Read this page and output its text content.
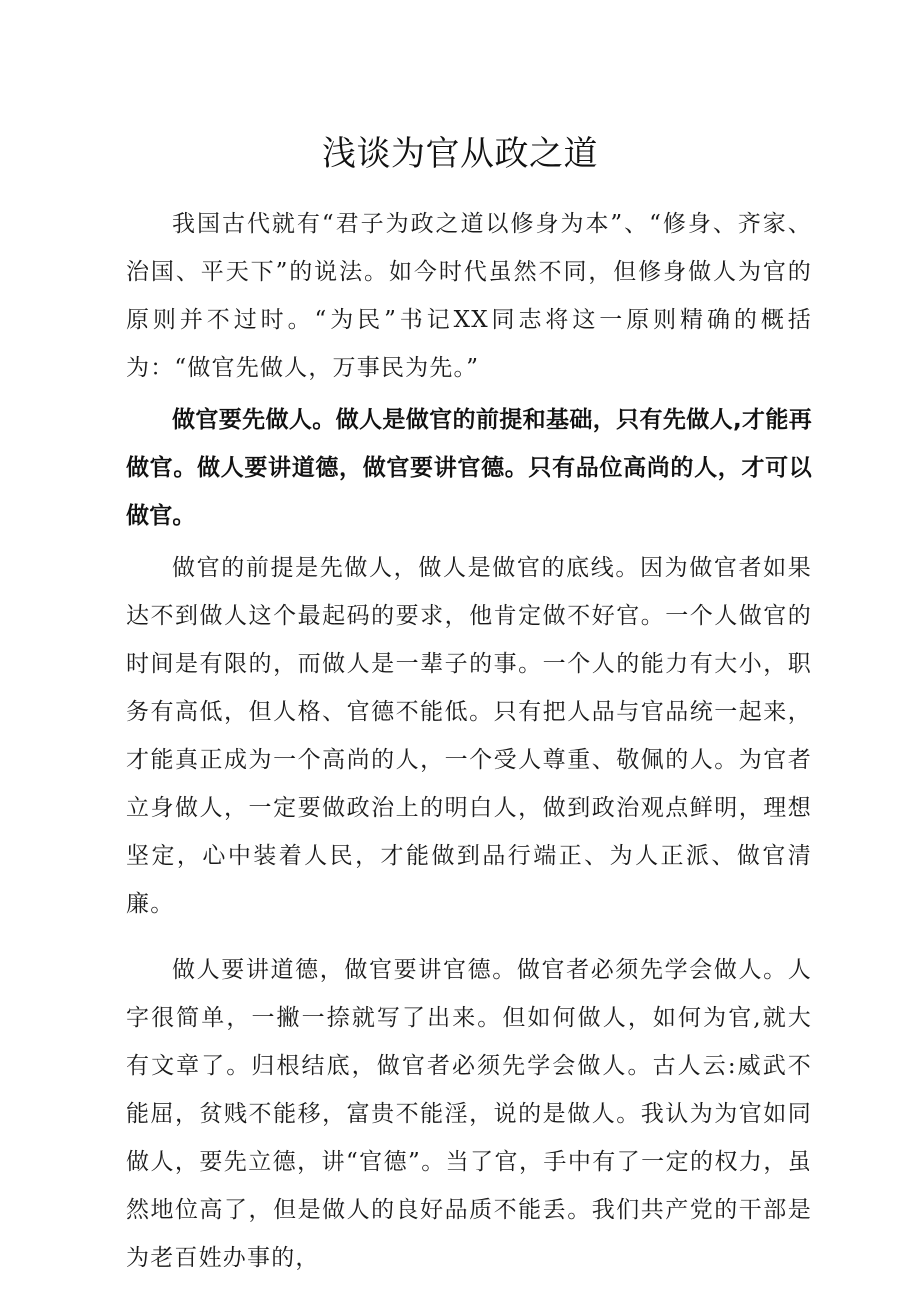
浅谈为官从政之道

我国古代就有“君子为政之道以修身为本”、“修身、齐家、治国、平天下”的说法。如今时代虽然不同，但修身做人为官的原则并不过时。“为民”书记XX同志将这一原则精确的概括为：“做官先做人，万事民为先。”

做官要先做人。做人是做官的前提和基础，只有先做人,才能再做官。做人要讲道德，做官要讲官德。只有品位高尚的人，才可以做官。

做官的前提是先做人，做人是做官的底线。因为做官者如果达不到做人这个最起码的要求，他肯定做不好官。一个人做官的时间是有限的，而做人是一辈子的事。一个人的能力有大小，职务有高低，但人格、官德不能低。只有把人品与官品统一起来，才能真正成为一个高尚的人，一个受人尊重、敬佩的人。为官者立身做人，一定要做政治上的明白人，做到政治观点鲜明，理想坚定，心中装着人民，才能做到品行端正、为人正派、做官清廉。

做人要讲道德，做官要讲官德。做官者必须先学会做人。人字很简单，一撇一捺就写了出来。但如何做人，如何为官,就大有文章了。归根结底，做官者必须先学会做人。古人云:威武不能屈，贫贱不能移，富贵不能淫，说的是做人。我认为为官如同做人，要先立德，讲“官德”。当了官，手中有了一定的权力，虽然地位高了，但是做人的良好品质不能丢。我们共产党的干部是为老百姓办事的，
